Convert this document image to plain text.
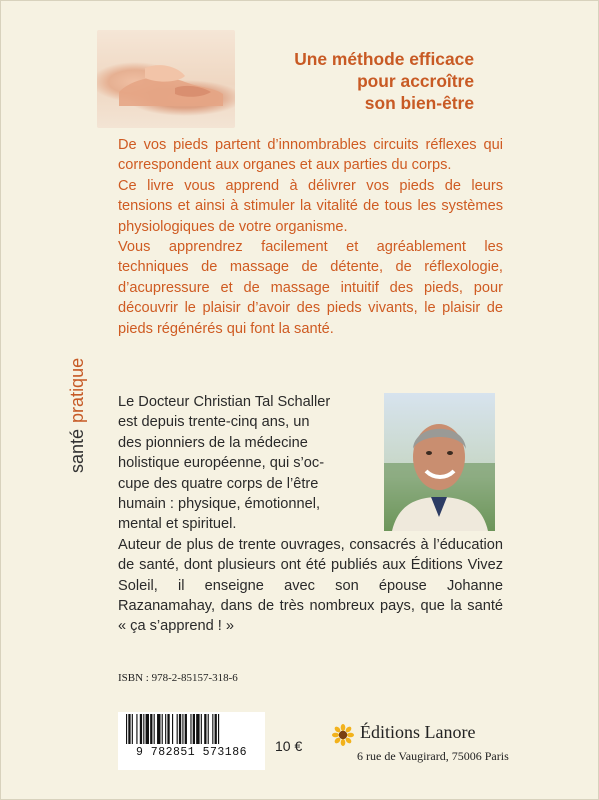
Une méthode efficace
pour accroître
son bien-être

De vos pieds partent d’innombrables circuits réflexes qui correspondent aux organes et aux parties du corps.

Ce livre vous apprend à délivrer vos pieds de leurs tensions et ainsi à stimuler la vitalité de tous les systèmes physiologiques de votre organisme.

Vous apprendrez facilement et agréablement les techniques de massage de détente, de réflexologie, d’acupressure et de massage intuitif des pieds, pour découvrir le plaisir d’avoir des pieds vivants, le plaisir de pieds régénérés qui font la santé.

santépratique Le Docteur Christian Tal Schaller
est depuis trente-cinq ans, un
des pionniers de la médecine
holistique européenne, qui s’oc-
cupe des quatre corps de l’être
humain : physique, émotionnel,
mental et spirituel.

Auteur de plus de trente ouvrages, consacrés à l’éducation de santé, dont plusieurs ont été publiés aux Éditions Vivez Soleil, il enseigne avec son épouse Johanne Razanamahay, dans de très nombreux pays, que la santé « ça s’apprend ! »

ISBN : 978-2-85157-318-6
9 782851 573186	10 €
Éditions Lanore
6 rue de Vaugirard, 75006 Paris
